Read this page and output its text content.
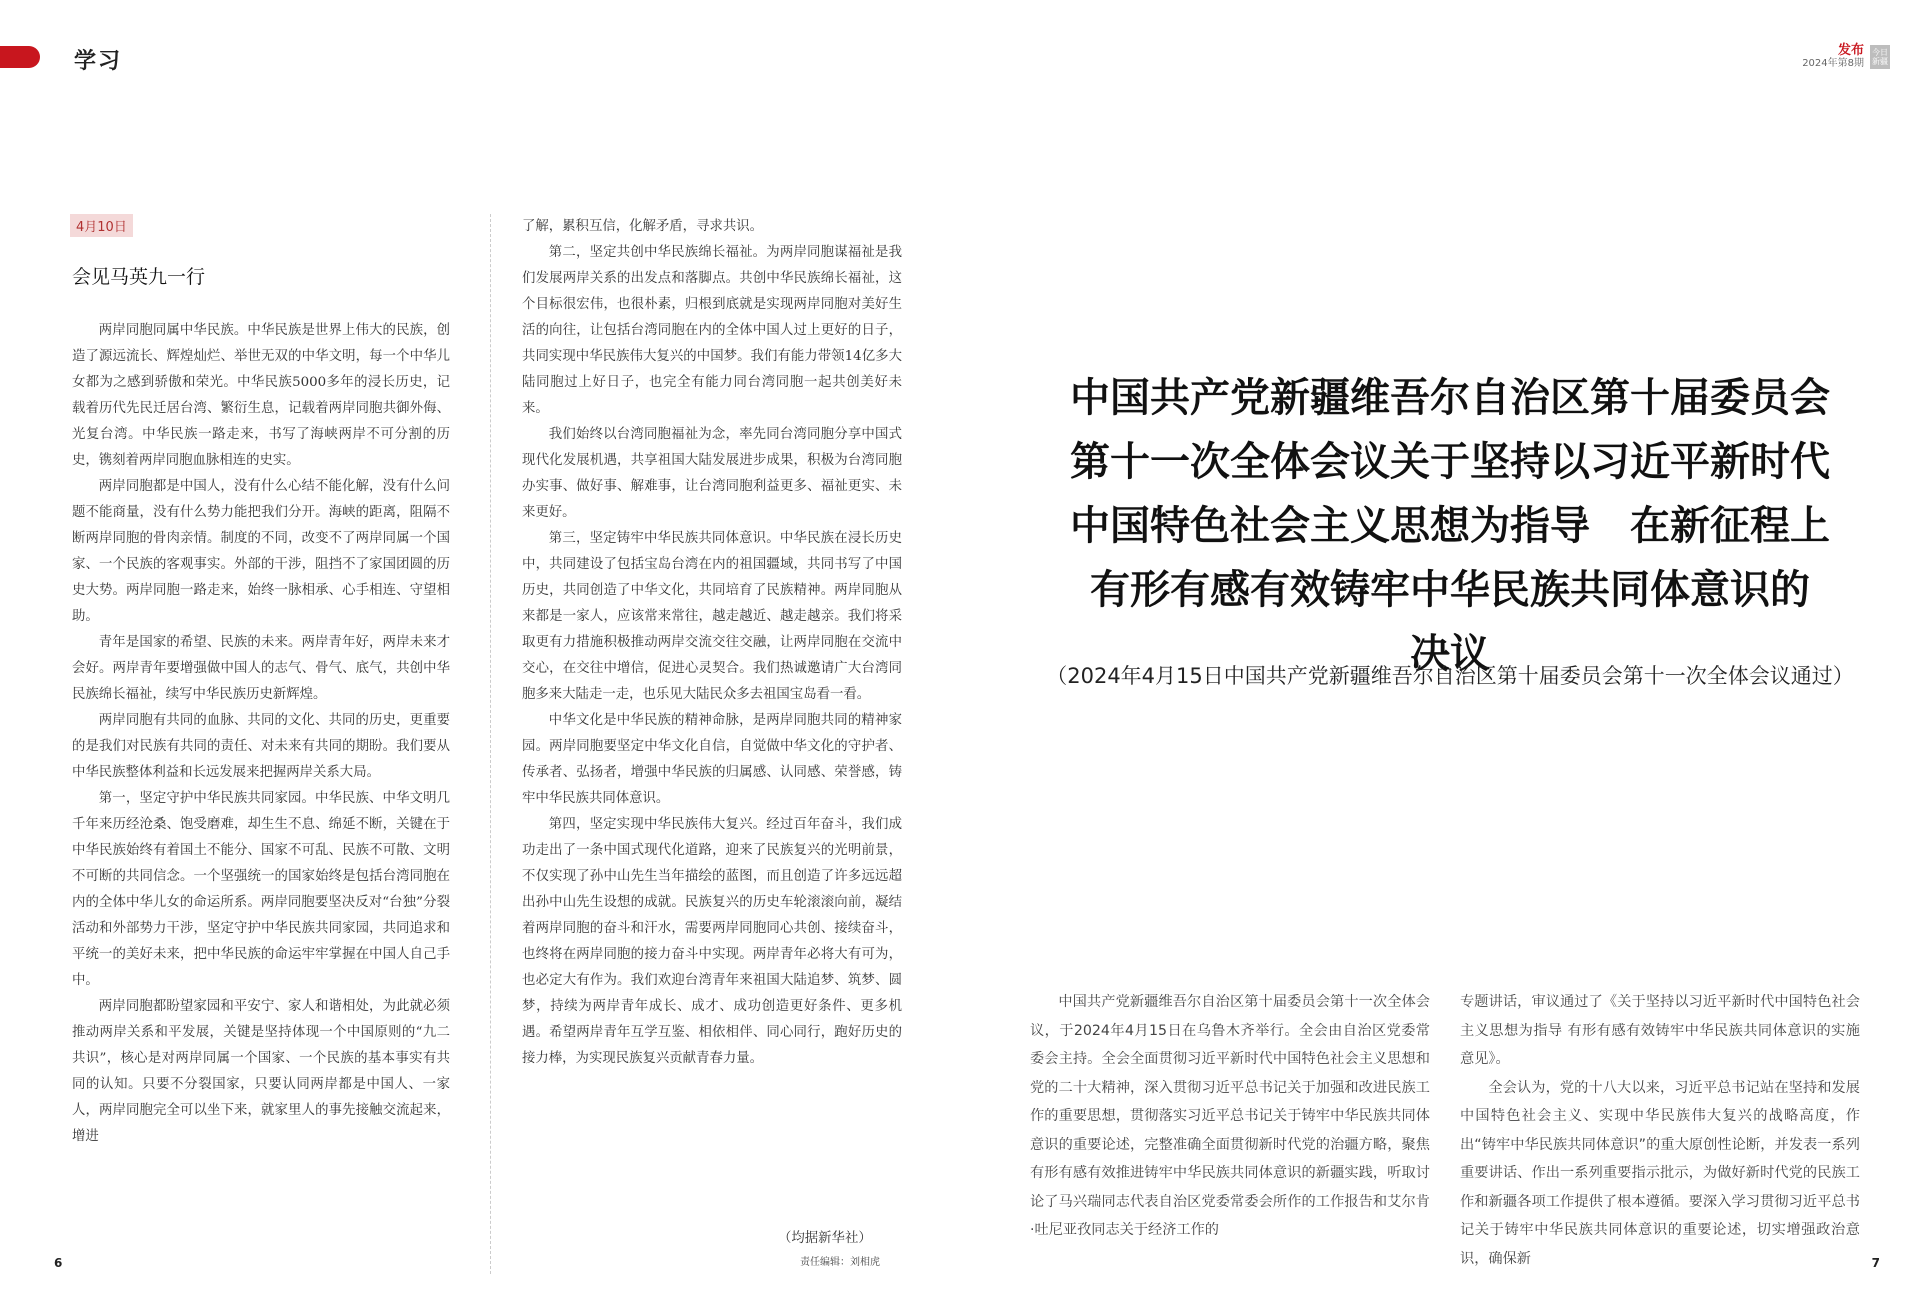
学习	发布
2024年第8期
今日新疆
4月10日
会见马英九一行

两岸同胞同属中华民族。中华民族是世界上伟大的民族，创造了源远流长、辉煌灿烂、举世无双的中华文明，每一个中华儿女都为之感到骄傲和荣光。中华民族5000多年的浸长历史，记载着历代先民迁居台湾、繁衍生息，记载着两岸同胞共御外侮、光复台湾。中华民族一路走来，书写了海峡两岸不可分割的历史，镌刻着两岸同胞血脉相连的史实。

两岸同胞都是中国人，没有什么心结不能化解，没有什么问题不能商量，没有什么势力能把我们分开。海峡的距离，阻隔不断两岸同胞的骨肉亲情。制度的不同，改变不了两岸同属一个国家、一个民族的客观事实。外部的干涉，阻挡不了家国团圆的历史大势。两岸同胞一路走来，始终一脉相承、心手相连、守望相助。

青年是国家的希望、民族的未来。两岸青年好，两岸未来才会好。两岸青年要增强做中国人的志气、骨气、底气，共创中华民族绵长福祉，续写中华民族历史新辉煌。

两岸同胞有共同的血脉、共同的文化、共同的历史，更重要的是我们对民族有共同的责任、对未来有共同的期盼。我们要从中华民族整体利益和长远发展来把握两岸关系大局。

第一，坚定守护中华民族共同家园。中华民族、中华文明几千年来历经沧桑、饱受磨难，却生生不息、绵延不断，关键在于中华民族始终有着国土不能分、国家不可乱、民族不可散、文明不可断的共同信念。一个坚强统一的国家始终是包括台湾同胞在内的全体中华儿女的命运所系。两岸同胞要坚决反对“台独”分裂活动和外部势力干涉，坚定守护中华民族共同家园，共同追求和平统一的美好未来，把中华民族的命运牢牢掌握在中国人自己手中。

两岸同胞都盼望家园和平安宁、家人和谐相处，为此就必须推动两岸关系和平发展，关键是坚持体现一个中国原则的“九二共识”，核心是对两岸同属一个国家、一个民族的基本事实有共同的认知。只要不分裂国家，只要认同两岸都是中国人、一家人，两岸同胞完全可以坐下来，就家里人的事先接触交流起来，增进

了解，累积互信，化解矛盾，寻求共识。

第二，坚定共创中华民族绵长福祉。为两岸同胞谋福祉是我们发展两岸关系的出发点和落脚点。共创中华民族绵长福祉，这个目标很宏伟，也很朴素，归根到底就是实现两岸同胞对美好生活的向往，让包括台湾同胞在内的全体中国人过上更好的日子，共同实现中华民族伟大复兴的中国梦。我们有能力带领14亿多大陆同胞过上好日子，也完全有能力同台湾同胞一起共创美好未来。

我们始终以台湾同胞福祉为念，率先同台湾同胞分享中国式现代化发展机遇，共享祖国大陆发展进步成果，积极为台湾同胞办实事、做好事、解难事，让台湾同胞利益更多、福祉更实、未来更好。

第三，坚定铸牢中华民族共同体意识。中华民族在浸长历史中，共同建设了包括宝岛台湾在内的祖国疆域，共同书写了中国历史，共同创造了中华文化，共同培育了民族精神。两岸同胞从来都是一家人，应该常来常往，越走越近、越走越亲。我们将采取更有力措施积极推动两岸交流交往交融，让两岸同胞在交流中交心，在交往中增信，促进心灵契合。我们热诚邀请广大台湾同胞多来大陆走一走，也乐见大陆民众多去祖国宝岛看一看。

中华文化是中华民族的精神命脉，是两岸同胞共同的精神家园。两岸同胞要坚定中华文化自信，自觉做中华文化的守护者、传承者、弘扬者，增强中华民族的归属感、认同感、荣誉感，铸牢中华民族共同体意识。

第四，坚定实现中华民族伟大复兴。经过百年奋斗，我们成功走出了一条中国式现代化道路，迎来了民族复兴的光明前景，不仅实现了孙中山先生当年描绘的蓝图，而且创造了许多远远超出孙中山先生设想的成就。民族复兴的历史车轮滚滚向前，凝结着两岸同胞的奋斗和汗水，需要两岸同胞同心共创、接续奋斗，也终将在两岸同胞的接力奋斗中实现。两岸青年必将大有可为，也必定大有作为。我们欢迎台湾青年来祖国大陆追梦、筑梦、圆梦，持续为两岸青年成长、成才、成功创造更好条件、更多机遇。希望两岸青年互学互鉴、相依相伴、同心同行，跑好历史的接力棒，为实现民族复兴贡献青春力量。

（均据新华社）
责任编辑：刘相虎
6
中国共产党新疆维吾尔自治区第十届委员会
第十一次全体会议关于坚持以习近平新时代
中国特色社会主义思想为指导　在新征程上
有形有感有效铸牢中华民族共同体意识的
决议
（2024年4月15日中国共产党新疆维吾尔自治区第十届委员会第十一次全体会议通过）

中国共产党新疆维吾尔自治区第十届委员会第十一次全体会议，于2024年4月15日在乌鲁木齐举行。全会由自治区党委常委会主持。全会全面贯彻习近平新时代中国特色社会主义思想和党的二十大精神，深入贯彻习近平总书记关于加强和改进民族工作的重要思想，贯彻落实习近平总书记关于铸牢中华民族共同体意识的重要论述，完整准确全面贯彻新时代党的治疆方略，聚焦有形有感有效推进铸牢中华民族共同体意识的新疆实践，听取讨论了马兴瑞同志代表自治区党委常委会所作的工作报告和艾尔肯·吐尼亚孜同志关于经济工作的

专题讲话，审议通过了《关于坚持以习近平新时代中国特色社会主义思想为指导 有形有感有效铸牢中华民族共同体意识的实施意见》。

全会认为，党的十八大以来，习近平总书记站在坚持和发展中国特色社会主义、实现中华民族伟大复兴的战略高度，作出“铸牢中华民族共同体意识”的重大原创性论断，并发表一系列重要讲话、作出一系列重要指示批示，为做好新时代党的民族工作和新疆各项工作提供了根本遵循。要深入学习贯彻习近平总书记关于铸牢中华民族共同体意识的重要论述，切实增强政治意识，确保新	7
